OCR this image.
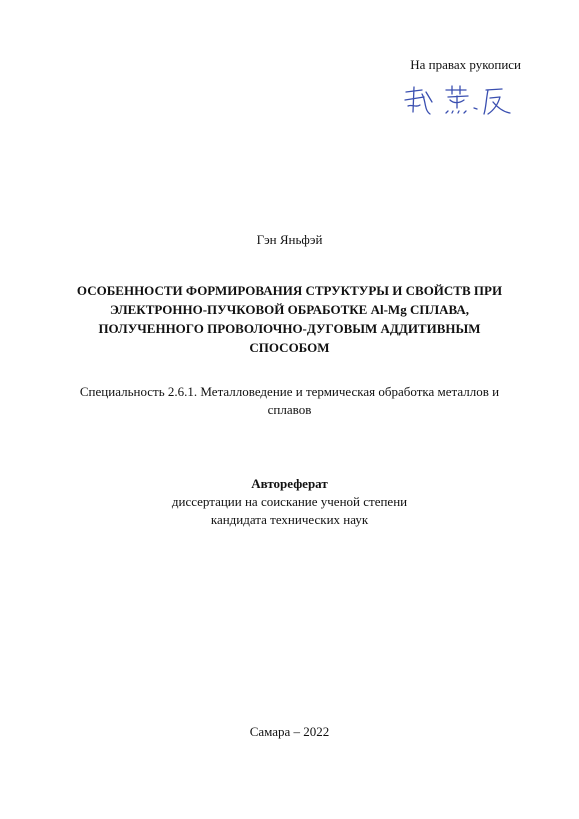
На правах рукописи
Гэн Яньфэй
ОСОБЕННОСТИ ФОРМИРОВАНИЯ СТРУКТУРЫ И СВОЙСТВ ПРИ
ЭЛЕКТРОННО-ПУЧКОВОЙ ОБРАБОТКЕ Al-Mg СПЛАВА,
ПОЛУЧЕННОГО ПРОВОЛОЧНО-ДУГОВЫМ АДДИТИВНЫМ
СПОСОБОМ
Специальность 2.6.1. Металловедение и термическая обработка металлов и
сплавов
Автореферат
диссертации на соискание ученой степени
кандидата технических наук
Самара – 2022
